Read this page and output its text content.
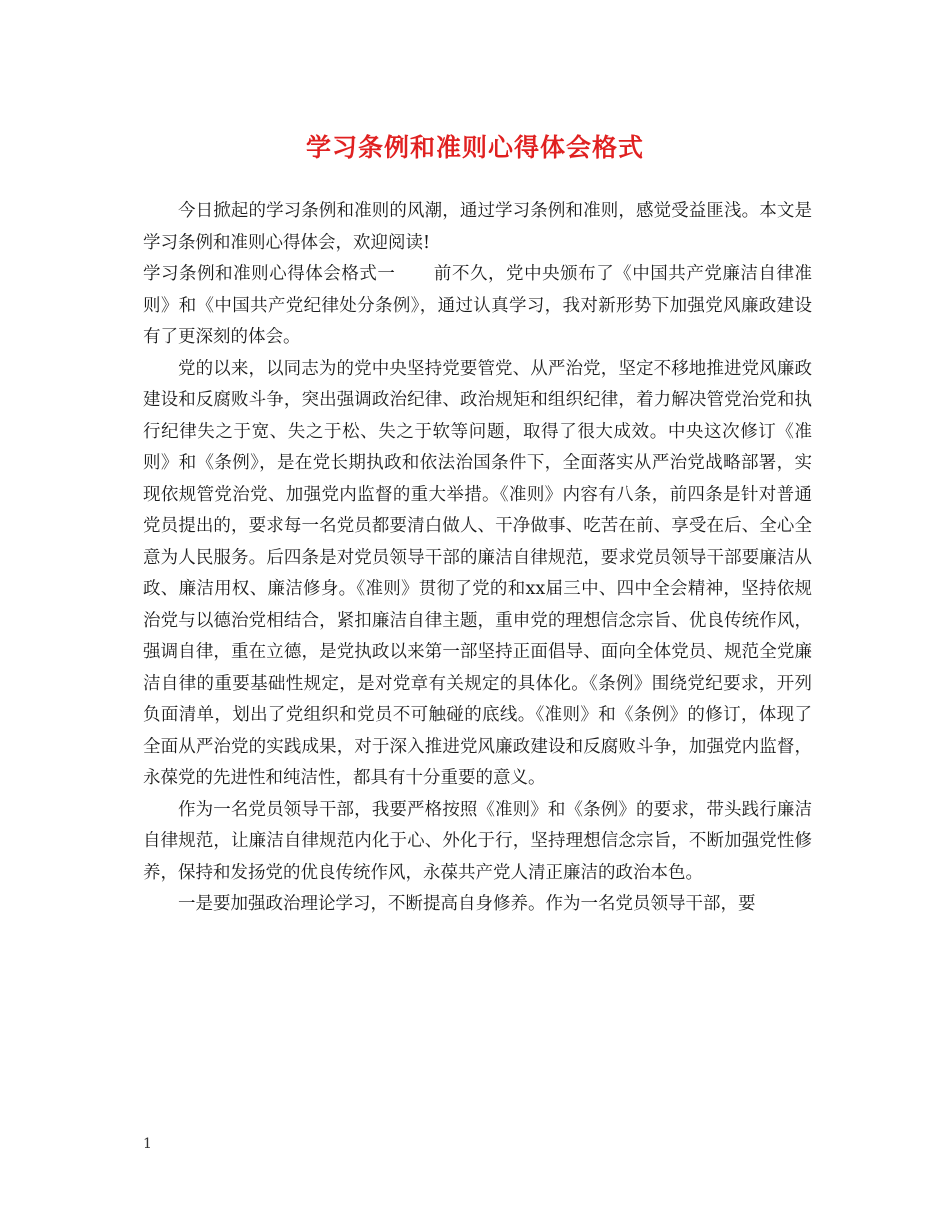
学习条例和准则心得体会格式

今日掀起的学习条例和准则的风潮，通过学习条例和准则，感觉受益匪浅。本文是学习条例和准则心得体会，欢迎阅读!

学习条例和准则心得体会格式一 前不久，党中央颁布了《中国共产党廉洁自律准则》和《中国共产党纪律处分条例》，通过认真学习，我对新形势下加强党风廉政建设有了更深刻的体会。

党的以来，以同志为的党中央坚持党要管党、从严治党，坚定不移地推进党风廉政建设和反腐败斗争，突出强调政治纪律、政治规矩和组织纪律，着力解决管党治党和执行纪律失之于宽、失之于松、失之于软等问题，取得了很大成效。中央这次修订《准则》和《条例》，是在党长期执政和依法治国条件下，全面落实从严治党战略部署，实现依规管党治党、加强党内监督的重大举措。《准则》内容有八条，前四条是针对普通党员提出的，要求每一名党员都要清白做人、干净做事、吃苦在前、享受在后、全心全意为人民服务。后四条是对党员领导干部的廉洁自律规范，要求党员领导干部要廉洁从政、廉洁用权、廉洁修身。《准则》贯彻了党的和xx届三中、四中全会精神，坚持依规治党与以德治党相结合，紧扣廉洁自律主题，重申党的理想信念宗旨、优良传统作风，强调自律，重在立德，是党执政以来第一部坚持正面倡导、面向全体党员、规范全党廉洁自律的重要基础性规定，是对党章有关规定的具体化。《条例》围绕党纪要求，开列负面清单，划出了党组织和党员不可触碰的底线。《准则》和《条例》的修订，体现了全面从严治党的实践成果，对于深入推进党风廉政建设和反腐败斗争，加强党内监督，永葆党的先进性和纯洁性，都具有十分重要的意义。

作为一名党员领导干部，我要严格按照《准则》和《条例》的要求，带头践行廉洁自律规范，让廉洁自律规范内化于心、外化于行，坚持理想信念宗旨，不断加强党性修养，保持和发扬党的优良传统作风，永葆共产党人清正廉洁的政治本色。

一是要加强政治理论学习，不断提高自身修养。作为一名党员领导干部，要

1
